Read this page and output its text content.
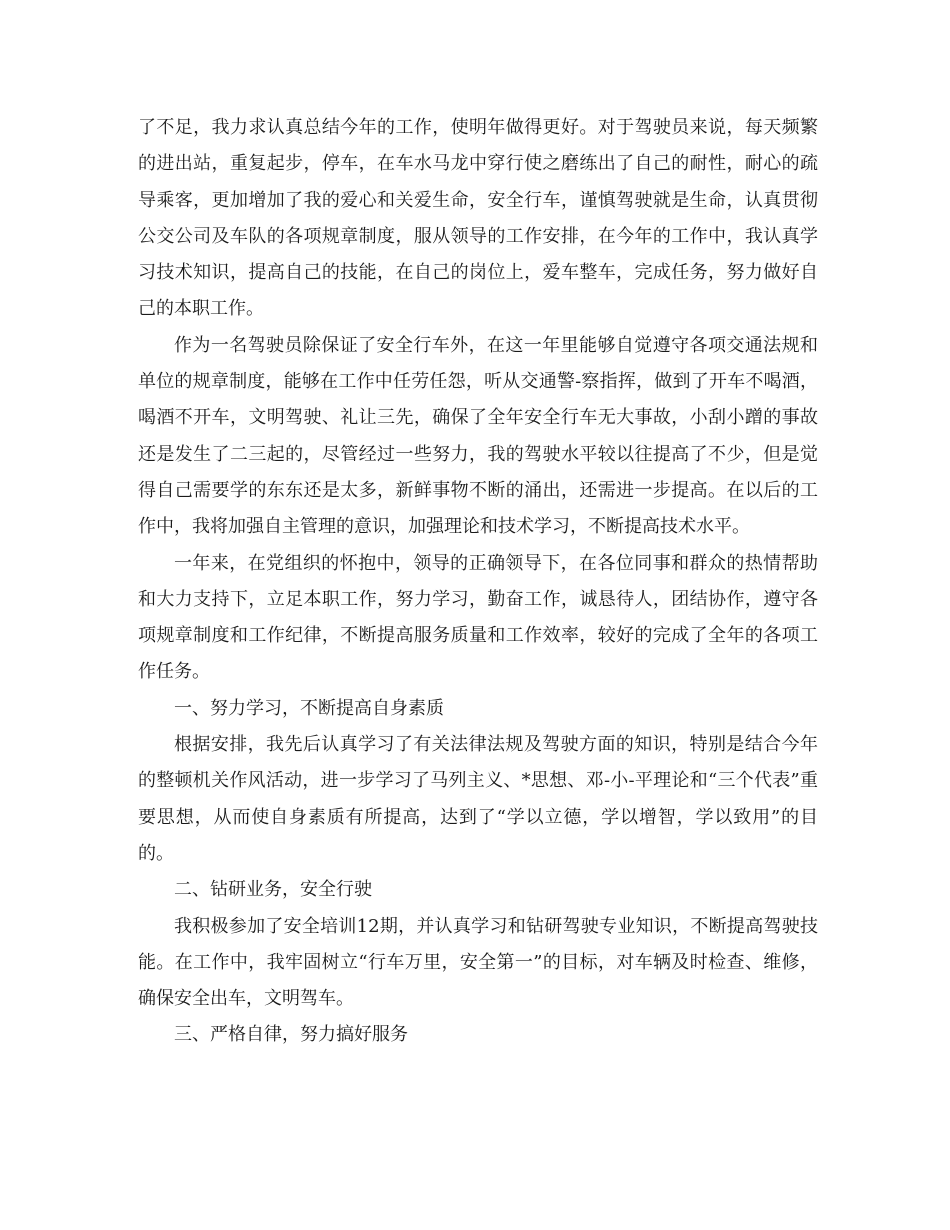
了不足，我力求认真总结今年的工作，使明年做得更好。对于驾驶员来说，每天频繁的进出站，重复起步，停车，在车水马龙中穿行使之磨练出了自己的耐性，耐心的疏导乘客，更加增加了我的爱心和关爱生命，安全行车，谨慎驾驶就是生命，认真贯彻公交公司及车队的各项规章制度，服从领导的工作安排，在今年的工作中，我认真学习技术知识，提高自己的技能，在自己的岗位上，爱车整车，完成任务，努力做好自己的本职工作。

作为一名驾驶员除保证了安全行车外，在这一年里能够自觉遵守各项交通法规和单位的规章制度，能够在工作中任劳任怨，听从交通警-察指挥，做到了开车不喝酒，喝酒不开车，文明驾驶、礼让三先，确保了全年安全行车无大事故，小刮小蹭的事故还是发生了二三起的，尽管经过一些努力，我的驾驶水平较以往提高了不少，但是觉得自己需要学的东东还是太多，新鲜事物不断的涌出，还需进一步提高。在以后的工作中，我将加强自主管理的意识，加强理论和技术学习，不断提高技术水平。

一年来，在党组织的怀抱中，领导的正确领导下，在各位同事和群众的热情帮助和大力支持下，立足本职工作，努力学习，勤奋工作，诚恳待人，团结协作，遵守各项规章制度和工作纪律，不断提高服务质量和工作效率，较好的完成了全年的各项工作任务。

一、努力学习，不断提高自身素质

根据安排，我先后认真学习了有关法律法规及驾驶方面的知识，特别是结合今年的整顿机关作风活动，进一步学习了马列主义、*思想、邓-小-平理论和“三个代表”重要思想，从而使自身素质有所提高，达到了“学以立德，学以增智，学以致用”的目的。

二、钻研业务，安全行驶

我积极参加了安全培训12期，并认真学习和钻研驾驶专业知识，不断提高驾驶技能。在工作中，我牢固树立“行车万里，安全第一”的目标，对车辆及时检查、维修，确保安全出车，文明驾车。

三、严格自律，努力搞好服务
